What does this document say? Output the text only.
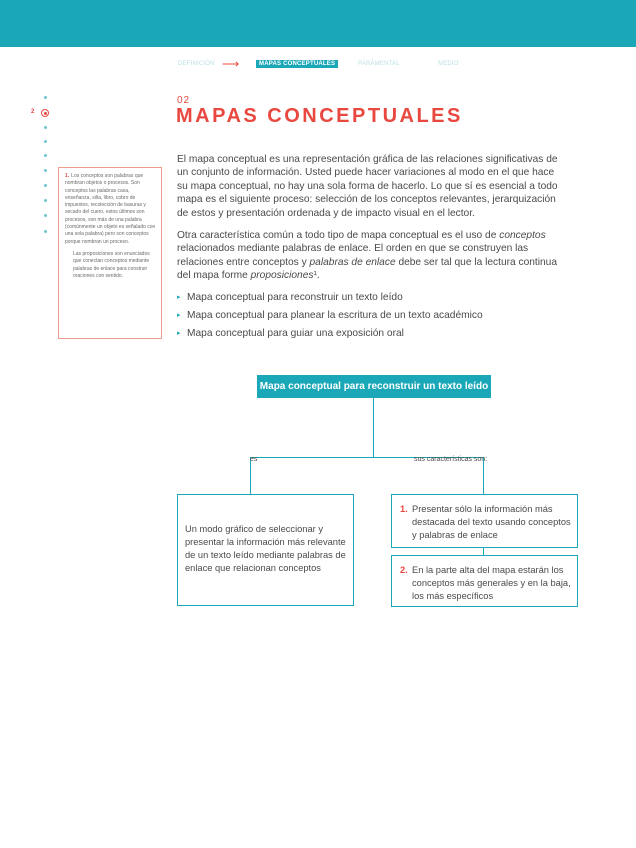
DEFINICIÓN ⟶	MAPAS CONCEPTUALES	PARÁMENTAL	MEDIO
2

1. Los conceptos son palabras que nombran objetos o procesos. Son conceptos las palabras casa, enseñanza, silla, libro, cobro de impuestos, recolección de basuras y secado del cuero, estos últimos son procesos, son más de una palabra (comúnmente un objeto es señalado con una sola palabra) pero son conceptos porque nombran un proceso.

Las proposiciones son enunciados que conectan conceptos mediante palabras de enlace para construir oraciones con sentido.

02
MAPAS CONCEPTUALES

El mapa conceptual es una representación gráfica de las relaciones significativas de un conjunto de información. Usted puede hacer variaciones al modo en el que hace su mapa conceptual, no hay una sola forma de hacerlo. Lo que sí es esencial a todo mapa es el siguiente proceso: selección de los conceptos relevantes, jerarquización de estos y presentación ordenada y de impacto visual en el lector.

Otra característica común a todo tipo de mapa conceptual es el uso de conceptos relacionados mediante palabras de enlace. El orden en que se construyen las relaciones entre conceptos y palabras de enlace debe ser tal que la lectura continua del mapa forme proposiciones¹.

▸ Mapa conceptual para reconstruir un texto leído
▸ Mapa conceptual para planear la escritura de un texto académico
▸ Mapa conceptual para guiar una exposición oral
Mapa conceptual para reconstruir un texto leído
es	sus características son:
Un modo gráfico de seleccionar y presentar la información más relevante de un texto leído mediante palabras de enlace que relacionan conceptos
1. Presentar sólo la información más destacada del texto usando conceptos y palabras de enlace
2. En la parte alta del mapa estarán los conceptos más generales y en la baja, los más específicos
